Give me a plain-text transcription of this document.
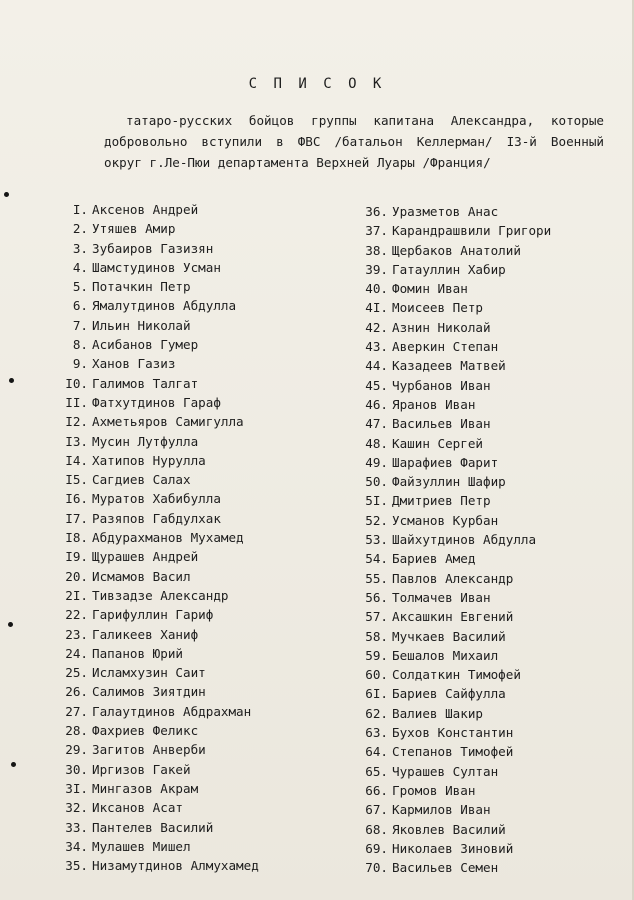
С П И С О К
татаро-русских бойцов группы капитана Александра, которые добровольно вступили в ФВС /батальон Келлерман/ I3-й Военный округ г.Ле-Пюи департамента Верхней Луары /Франция/
I. Аксенов Андрей
2. Утяшев Амир
3. Зубаиров Газизян
4. Шамстудинов Усман
5. Потачкин Петр
6. Ямалутдинов Абдулла
7. Ильин Николай
8. Асибанов Гумер
9. Ханов Газиз
I0. Галимов Талгат
II. Фатхутдинов Гараф
I2. Ахметьяров Самигулла
I3. Мусин Лутфулла
I4. Хатипов Нурулла
I5. Сагдиев Салах
I6. Муратов Хабибулла
I7. Разяпов Габдулхак
I8. Абдурахманов Мухамед
I9. Щурашев Андрей
20. Исмамов Васил
2I. Тивзадзе Александр
22. Гарифуллин Гариф
23. Галикеев Ханиф
24. Папанов Юрий
25. Исламхузин Саит
26. Салимов Зиятдин
27. Галаутдинов Абдрахман
28. Фахриев Феликс
29. Загитов Анверби
30. Иргизов Гакей
3I. Мингазов Акрам
32. Иксанов Асат
33. Пантелев Василий
34. Мулашев Мишел
35. Низамутдинов Алмухамед
36. Уразметов Анас
37. Карандрашвили Григори
38. Щербаков Анатолий
39. Гатауллин Хабир
40. Фомин Иван
4I. Моисеев Петр
42. Азнин Николай
43. Аверкин Степан
44. Казадеев Матвей
45. Чурбанов Иван
46. Яранов Иван
47. Васильев Иван
48. Кашин Сергей
49. Шарафиев Фарит
50. Файзуллин Шафир
5I. Дмитриев Петр
52. Усманов Курбан
53. Шайхутдинов Абдулла
54. Бариев Амед
55. Павлов Александр
56. Толмачев Иван
57. Аксашкин Евгений
58. Мучкаев Василий
59. Бешалов Михаил
60. Солдаткин Тимофей
6I. Бариев Сайфулла
62. Валиев Шакир
63. Бухов Константин
64. Степанов Тимофей
65. Чурашев Султан
66. Громов Иван
67. Кармилов Иван
68. Яковлев Василий
69. Николаев Зиновий
70. Васильев Семен
